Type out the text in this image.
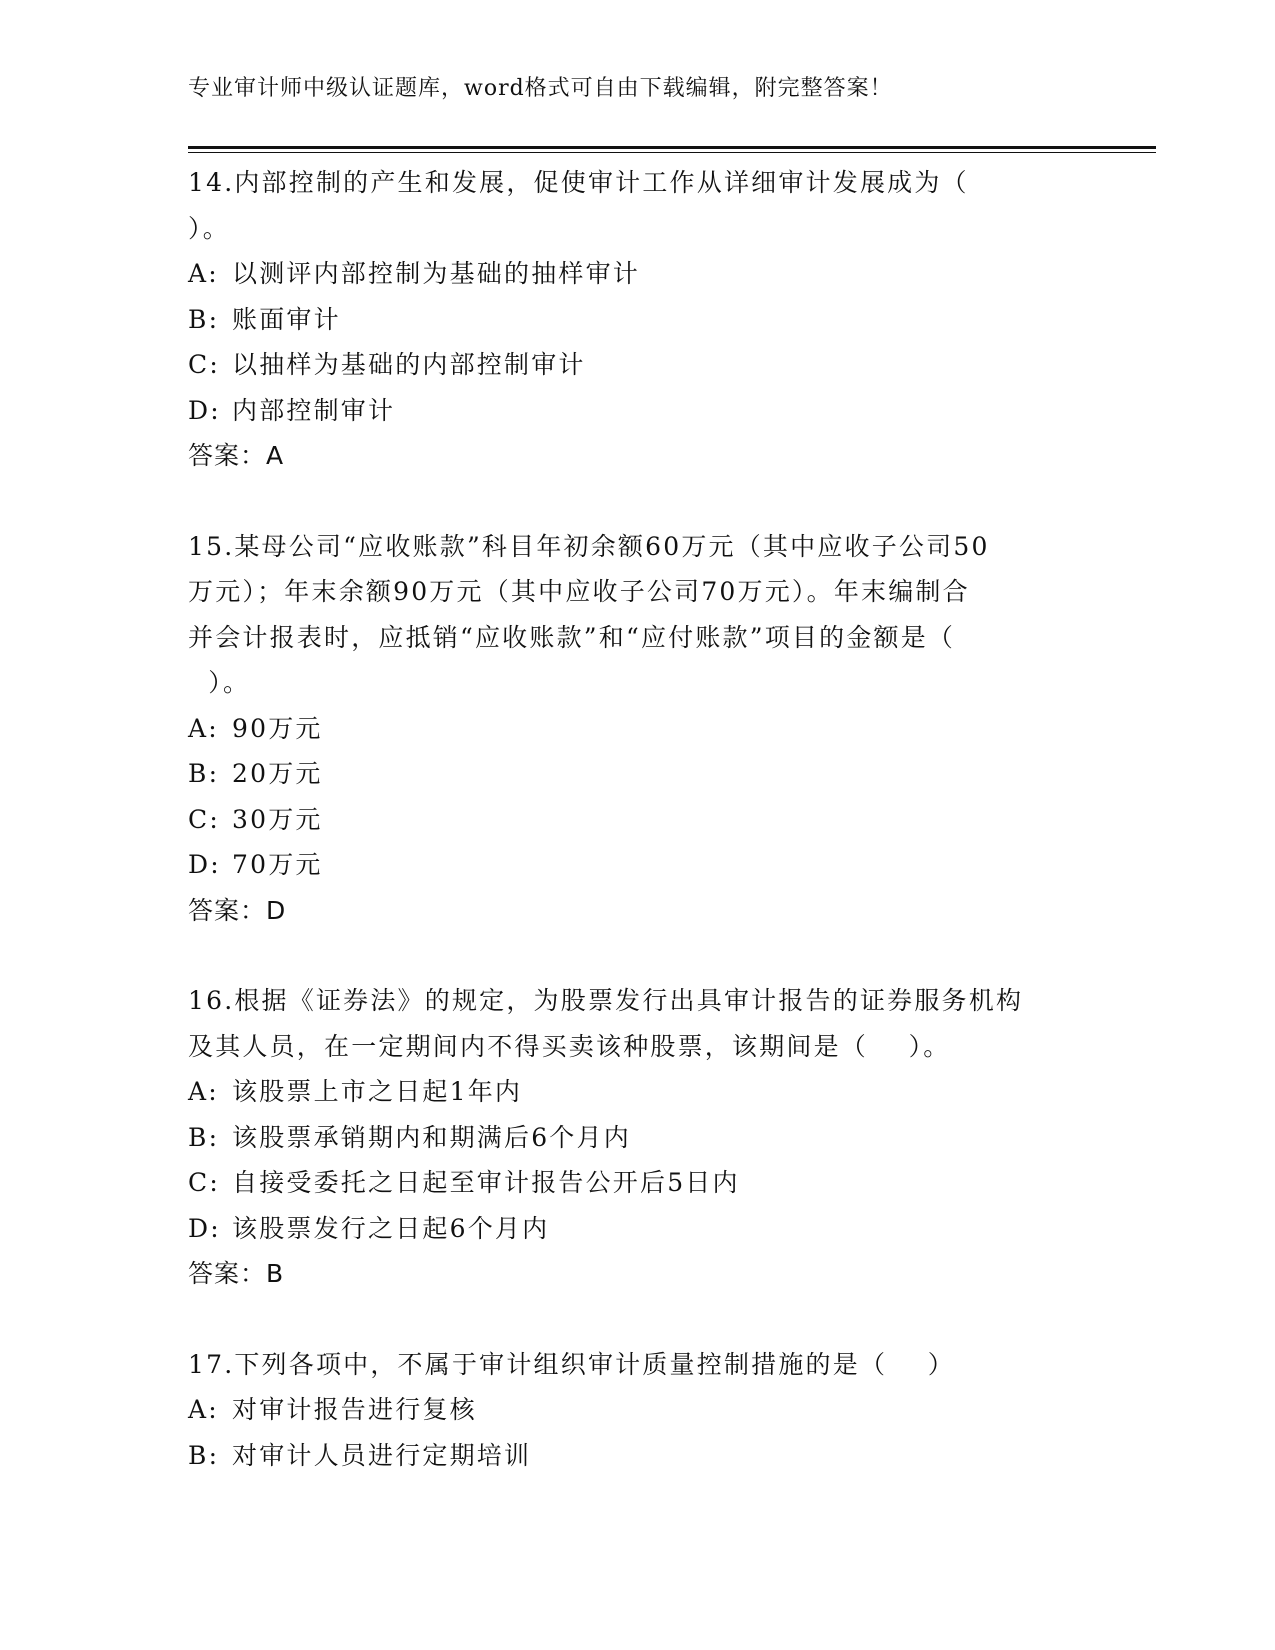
专业审计师中级认证题库，word格式可自由下载编辑，附完整答案！

14.内部控制的产生和发展，促使审计工作从详细审计发展成为（

）。

A: 以测评内部控制为基础的抽样审计

B: 账面审计

C: 以抽样为基础的内部控制审计

D: 内部控制审计

答案：A

15.某母公司“应收账款”科目年初余额60万元（其中应收子公司50

万元）；年末余额90万元（其中应收子公司70万元）。年末编制合

并会计报表时，应抵销“应收账款”和“应付账款”项目的金额是（

）。

A: 90万元

B: 20万元

C: 30万元

D: 70万元

答案：D

16.根据《证券法》的规定，为股票发行出具审计报告的证券服务机构

及其人员，在一定期间内不得买卖该种股票，该期间是（    ）。

A: 该股票上市之日起1年内

B: 该股票承销期内和期满后6个月内

C: 自接受委托之日起至审计报告公开后5日内

D: 该股票发行之日起6个月内

答案：B

17.下列各项中，不属于审计组织审计质量控制措施的是（    ）

A: 对审计报告进行复核

B: 对审计人员进行定期培训
